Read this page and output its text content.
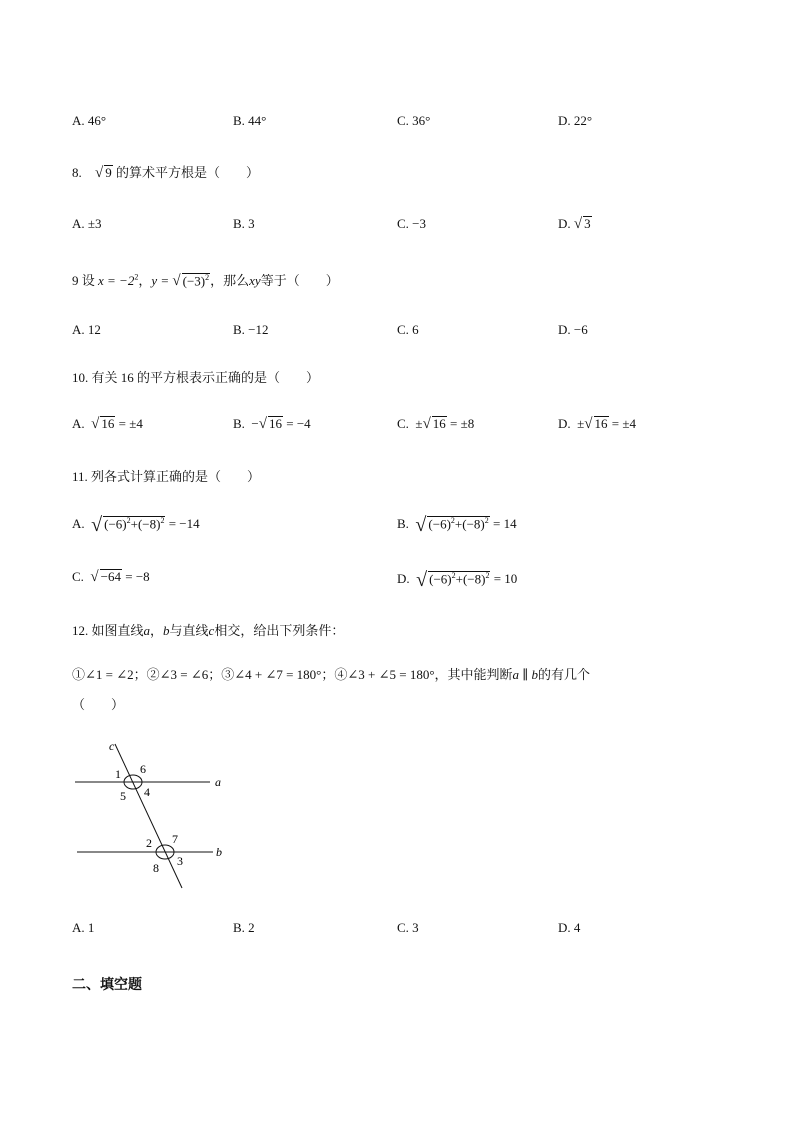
A. 46°	B. 44°	C. 36°	D. 22°
8. √ 9 的算术平方根是（　　）
A. ±3	B. 3	C. −3	D. √ 3
9 设 $x = -2^2$，y = √ $(-3)^2$，那么xy等于（　　）
A. 12	B. −12	C. 6	D. −6
10. 有关 16 的平方根表示正确的是（　　）
A. √ 16 = ±4	B. −√ 16 = −4	C. ±√ 16 = ±8	D. ±√ 16 = ±4
11. 列各式计算正确的是（　　）
A. √ $(-6)^2+(-8)^2 = -14$	B. √ $(-6)^2+(-8)^2 = 14$
C. √ −64 = −8	D. √ $(-6)^2+(-8)^2 = 10$
12. 如图直线a，b与直线c相交，给出下列条件：
①∠1 = ∠2；②∠3 = ∠6；③∠4 + ∠7 = 180°；④∠3 + ∠5 = 180°，其中能判断a ∥ b的有几个
（　　）
c
a
b
1 6
5 4
2 7
8 3
A. 1	B. 2	C. 3	D. 4
二、填空题
